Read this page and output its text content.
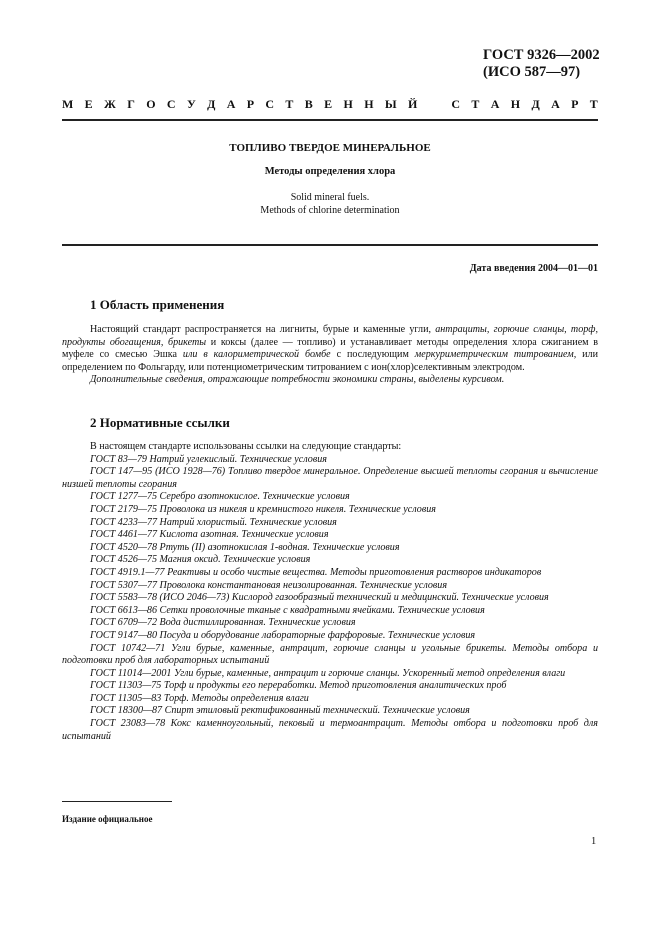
ГОСТ 9326—2002
(ИСО 587—97)
М Е Ж Г О С У Д А Р С Т В Е Н Н Ы Й	С Т А Н Д А Р Т
ТОПЛИВО ТВЕРДОЕ МИНЕРАЛЬНОЕ
Методы определения хлора
Solid mineral fuels.
Methods of chlorine determination
Дата введения 2004—01—01
1 Область применения

Настоящий стандарт распространяется на лигниты, бурые и каменные угли, антрациты, горючие сланцы, торф, продукты обогащения, брикеты и коксы (далее — топливо) и устанавливает методы определения хлора сжиганием в муфеле со смесью Эшка или в калориметрической бомбе с последующим меркуриметрическим титрованием, или определением по Фольгарду, или потенциометрическим титрованием с ион(хлор)селективным электродом.

Дополнительные сведения, отражающие потребности экономики страны, выделены курсивом.

2 Нормативные ссылки

В настоящем стандарте использованы ссылки на следующие стандарты:

ГОСТ 83—79 Натрий углекислый. Технические условия

ГОСТ 147—95 (ИСО 1928—76) Топливо твердое минеральное. Определение высшей теплоты сгорания и вычисление низшей теплоты сгорания

ГОСТ 1277—75 Серебро азотнокислое. Технические условия

ГОСТ 2179—75 Проволока из никеля и кремнистого никеля. Технические условия

ГОСТ 4233—77 Натрий хлористый. Технические условия

ГОСТ 4461—77 Кислота азотная. Технические условия

ГОСТ 4520—78 Ртуть (II) азотнокислая 1-водная. Технические условия

ГОСТ 4526—75 Магния оксид. Технические условия

ГОСТ 4919.1—77 Реактивы и особо чистые вещества. Методы приготовления растворов индикаторов

ГОСТ 5307—77 Проволока константановая неизолированная. Технические условия

ГОСТ 5583—78 (ИСО 2046—73) Кислород газообразный технический и медицинский. Технические условия

ГОСТ 6613—86 Сетки проволочные тканые с квадратными ячейками. Технические условия

ГОСТ 6709—72 Вода дистиллированная. Технические условия

ГОСТ 9147—80 Посуда и оборудование лабораторные фарфоровые. Технические условия

ГОСТ 10742—71 Угли бурые, каменные, антрацит, горючие сланцы и угольные брикеты. Методы отбора и подготовки проб для лабораторных испытаний

ГОСТ 11014—2001 Угли бурые, каменные, антрацит и горючие сланцы. Ускоренный метод определения влаги

ГОСТ 11303—75 Торф и продукты его переработки. Метод приготовления аналитических проб

ГОСТ 11305—83 Торф. Методы определения влаги

ГОСТ 18300—87 Спирт этиловый ректификованный технический. Технические условия

ГОСТ 23083—78 Кокс каменноугольный, пековый и термоантрацит. Методы отбора и подготовки проб для испытаний

Издание официальное
1
